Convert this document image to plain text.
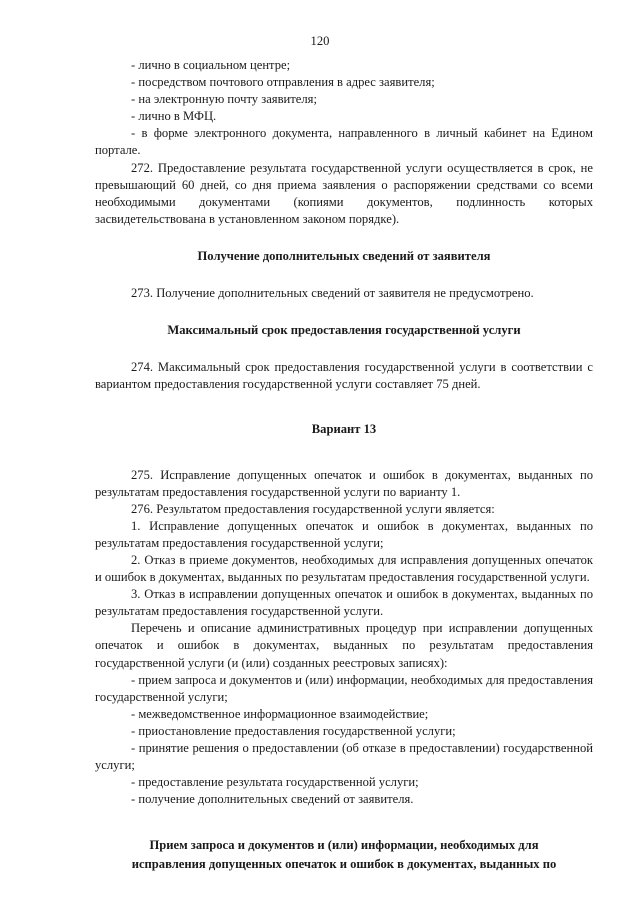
120

- лично в социальном центре;

- посредством почтового отправления в адрес заявителя;

- на электронную почту заявителя;

- лично в МФЦ.

- в форме электронного документа, направленного в личный кабинет на Едином портале.

272. Предоставление результата государственной услуги осуществляется в срок, не превышающий 60 дней, со дня приема заявления о распоряжении средствами со всеми необходимыми документами (копиями документов, подлинность которых засвидетельствована в установленном законом порядке).

Получение дополнительных сведений от заявителя

273. Получение дополнительных сведений от заявителя не предусмотрено.

Максимальный срок предоставления государственной услуги

274. Максимальный срок предоставления государственной услуги в соответствии с вариантом предоставления государственной услуги составляет 75 дней.

Вариант 13

275. Исправление допущенных опечаток и ошибок в документах, выданных по результатам предоставления государственной услуги по варианту 1.

276. Результатом предоставления государственной услуги является:

1. Исправление допущенных опечаток и ошибок в документах, выданных по результатам предоставления государственной услуги;

2. Отказ в приеме документов, необходимых для исправления допущенных опечаток и ошибок в документах, выданных по результатам предоставления государственной услуги.

3. Отказ в исправлении допущенных опечаток и ошибок в документах, выданных по результатам предоставления государственной услуги.

Перечень и описание административных процедур при исправлении допущенных опечаток и ошибок в документах, выданных по результатам предоставления государственной услуги (и (или) созданных реестровых записях):

- прием запроса и документов и (или) информации, необходимых для предоставления государственной услуги;

- межведомственное информационное взаимодействие;

- приостановление предоставления государственной услуги;

- принятие решения о предоставлении (об отказе в предоставлении) государственной услуги;

- предоставление результата государственной услуги;

- получение дополнительных сведений от заявителя.

Прием запроса и документов и (или) информации, необходимых для
исправления допущенных опечаток и ошибок в документах, выданных по
